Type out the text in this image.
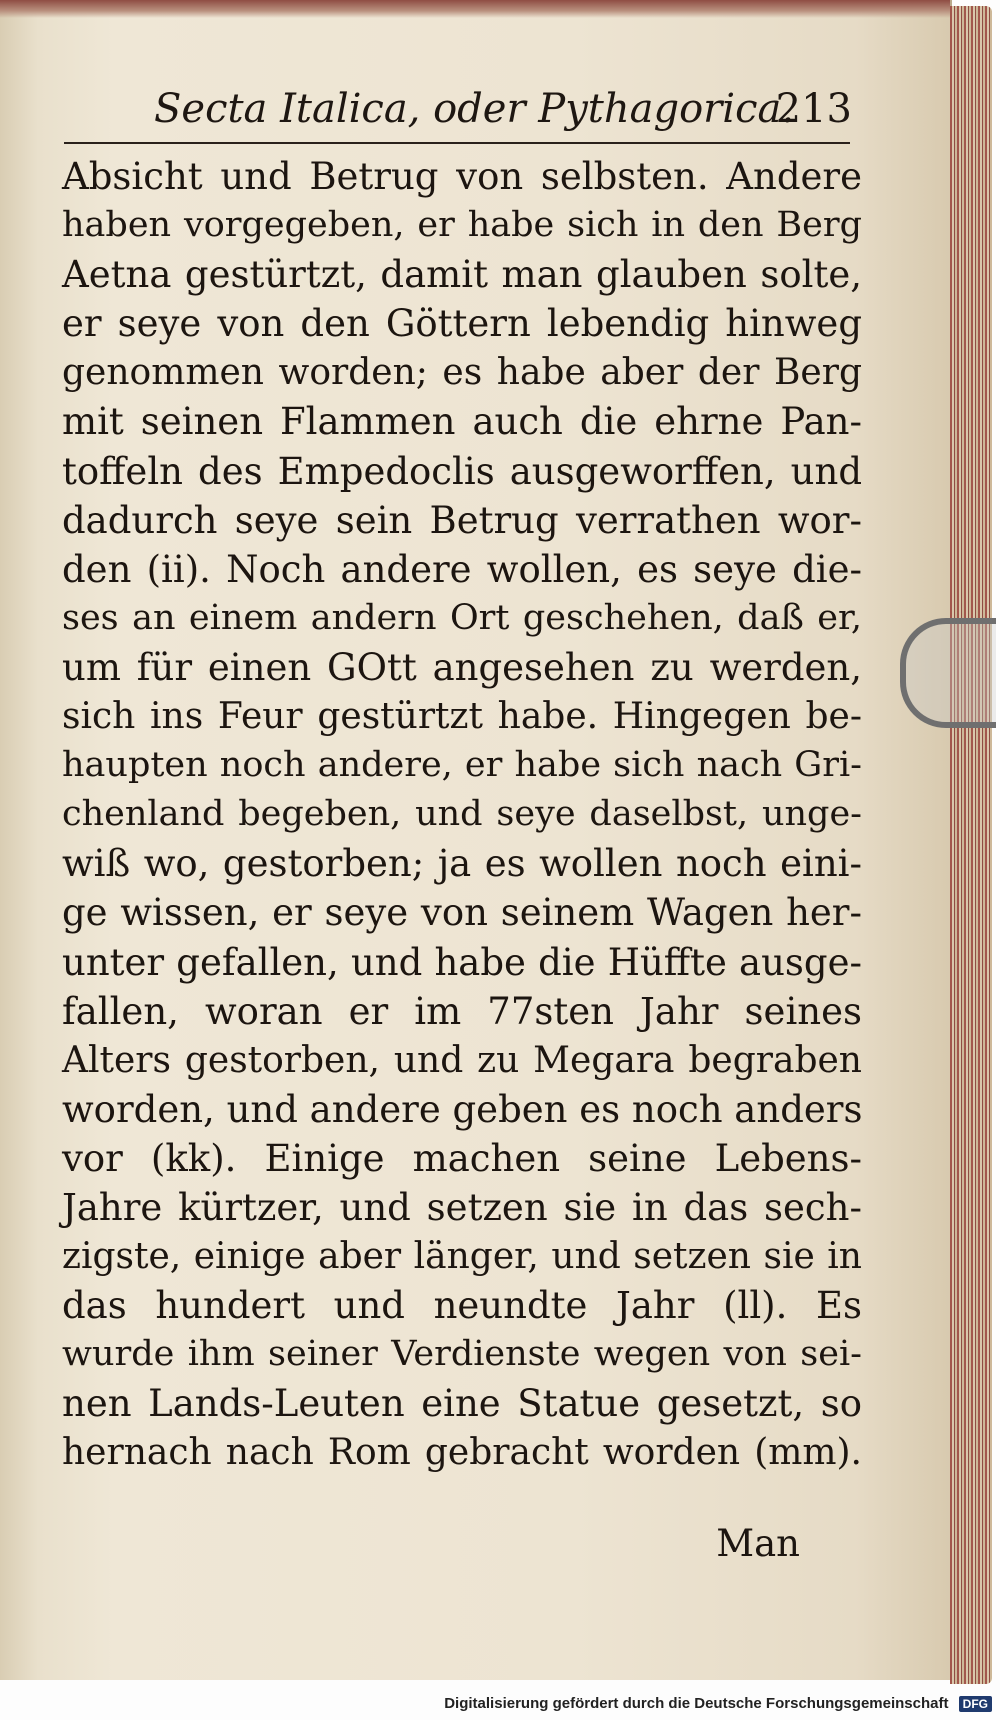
Secta Italica, oder Pythagorica.
213
Absicht und Betrug von selbsten. Andere
haben vorgegeben, er habe sich in den Berg
Aetna gestürtzt, damit man glauben solte,
er seye von den Göttern lebendig hinweg
genommen worden; es habe aber der Berg
mit seinen Flammen auch die ehrne Pan-
toffeln des Empedoclis ausgeworffen, und
dadurch seye sein Betrug verrathen wor-
den (ii). Noch andere wollen, es seye die-
ses an einem andern Ort geschehen, daß er,
um für einen GOtt angesehen zu werden,
sich ins Feur gestürtzt habe. Hingegen be-
haupten noch andere, er habe sich nach Gri-
chenland begeben, und seye daselbst, unge-
wiß wo, gestorben; ja es wollen noch eini-
ge wissen, er seye von seinem Wagen her-
unter gefallen, und habe die Hüffte ausge-
fallen, woran er im 77sten Jahr seines
Alters gestorben, und zu Megara begraben
worden, und andere geben es noch anders
vor (kk). Einige machen seine Lebens-
Jahre kürtzer, und setzen sie in das sech-
zigste, einige aber länger, und setzen sie in
das hundert und neundte Jahr (ll). Es
wurde ihm seiner Verdienste wegen von sei-
nen Lands-Leuten eine Statue gesetzt, so
hernach nach Rom gebracht worden (mm).
Man
Digitalisierung gefördert durch die Deutsche Forschungsgemeinschaft DFG
